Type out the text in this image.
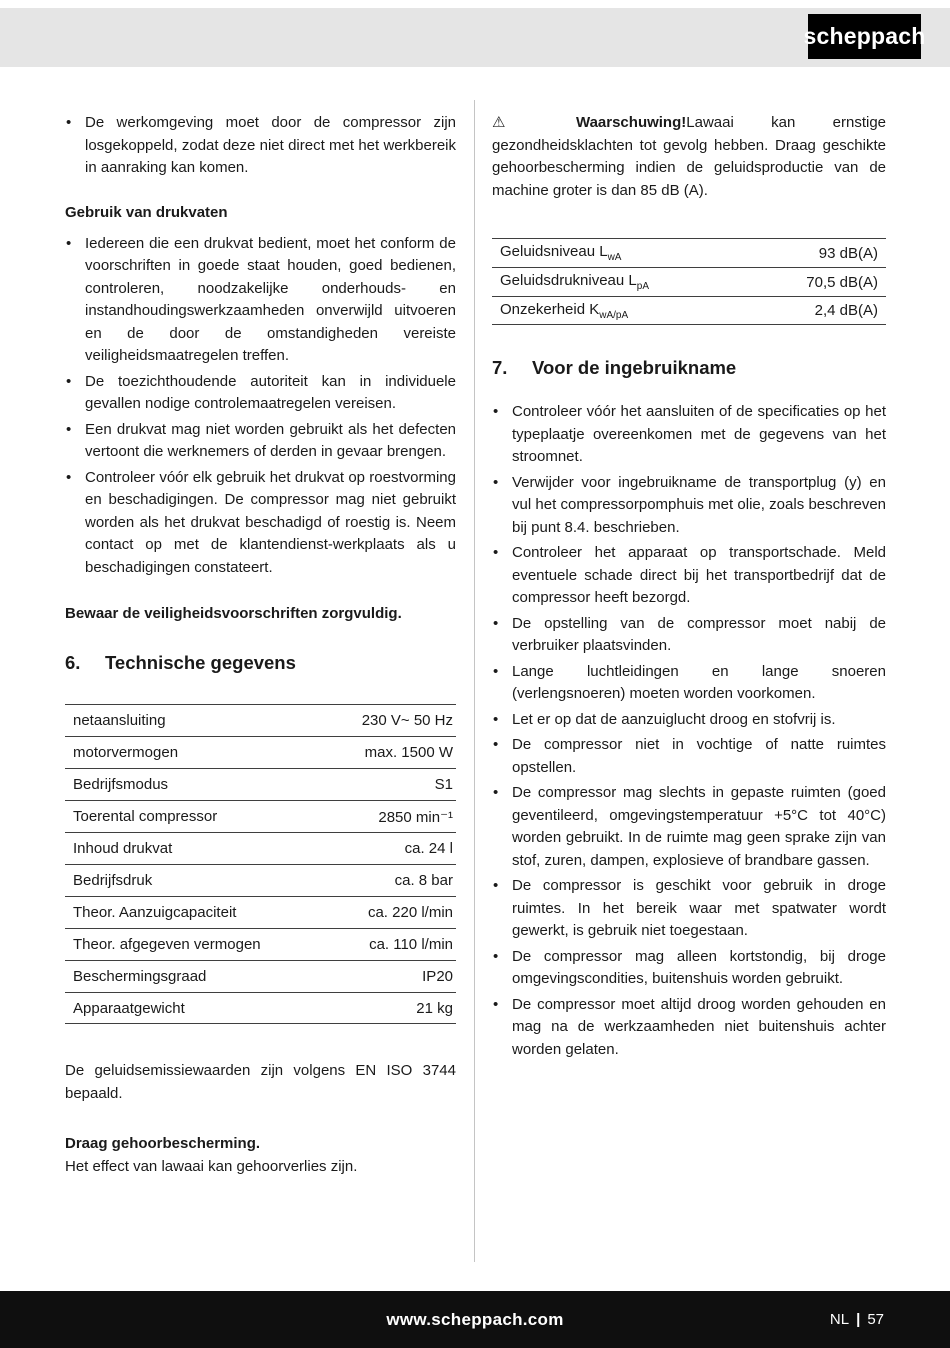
scheppach
• De werkomgeving moet door de compressor zijn losgekoppeld, zodat deze niet direct met het werkbereik in aanraking kan komen.
Gebruik van drukvaten
• Iedereen die een drukvat bedient, moet het conform de voorschriften in goede staat houden, goed bedienen, controleren, noodzakelijke onderhouds- en instandhoudingswerkzaamheden onverwijld uitvoeren en de door de omstandigheden vereiste veiligheidsmaatregelen treffen.
• De toezichthoudende autoriteit kan in individuele gevallen nodige controlemaatregelen vereisen.
• Een drukvat mag niet worden gebruikt als het defecten vertoont die werknemers of derden in gevaar brengen.
• Controleer vóór elk gebruik het drukvat op roestvorming en beschadigingen. De compressor mag niet gebruikt worden als het drukvat beschadigd of roestig is. Neem contact op met de klantendienst-werkplaats als u beschadigingen constateert.

Bewaar de veiligheidsvoorschriften zorgvuldig.

6.	Technische gegevens
netaansluiting	230 V~ 50 Hz
motorvermogen	max. 1500 W
Bedrijfsmodus	S1
Toerental compressor	2850 min⁻¹
Inhoud drukvat	ca. 24 l
Bedrijfsdruk	ca. 8 bar
Theor. Aanzuigcapaciteit	ca. 220 l/min
Theor. afgegeven vermogen	ca. 110 l/min
Beschermingsgraad	IP20
Apparaatgewicht	21 kg

De geluidsemissiewaarden zijn volgens EN ISO 3744 bepaald.

Draag gehoorbescherming.
Het effect van lawaai kan gehoorverlies zijn.

⚠ Waarschuwing!Lawaai kan ernstige gezondheidsklachten tot gevolg hebben. Draag geschikte gehoorbescherming indien de geluidsproductie van de machine groter is dan 85 dB (A).

Geluidsniveau $L_{wA}$	93 dB(A)
Geluidsdrukniveau $L_{pA}$	70,5 dB(A)
Onzekerheid $K_{wA/pA}$	2,4 dB(A)
7.	Voor de ingebruikname
• Controleer vóór het aansluiten of de specificaties op het typeplaatje overeenkomen met de gegevens van het stroomnet.
• Verwijder voor ingebruikname de transportplug (y) en vul het compressorpomphuis met olie, zoals beschreven bij punt 8.4. beschrieben.
• Controleer het apparaat op transportschade. Meld eventuele schade direct bij het transportbedrijf dat de compressor heeft bezorgd.
• De opstelling van de compressor moet nabij de verbruiker plaatsvinden.
• Lange luchtleidingen en lange snoeren (verlengsnoeren) moeten worden voorkomen.
• Let er op dat de aanzuiglucht droog en stofvrij is.
• De compressor niet in vochtige of natte ruimtes opstellen.
• De compressor mag slechts in gepaste ruimten (goed geventileerd, omgevingstemperatuur +5°C tot 40°C) worden gebruikt. In de ruimte mag geen sprake zijn van stof, zuren, dampen, explosieve of brandbare gassen.
• De compressor is geschikt voor gebruik in droge ruimtes. In het bereik waar met spatwater wordt gewerkt, is gebruik niet toegestaan.
• De compressor mag alleen kortstondig, bij droge omgevingscondities, buitenshuis worden gebruikt.
• De compressor moet altijd droog worden gehouden en mag na de werkzaamheden niet buitenshuis achter worden gelaten.
www.scheppach.com	NL | 57
